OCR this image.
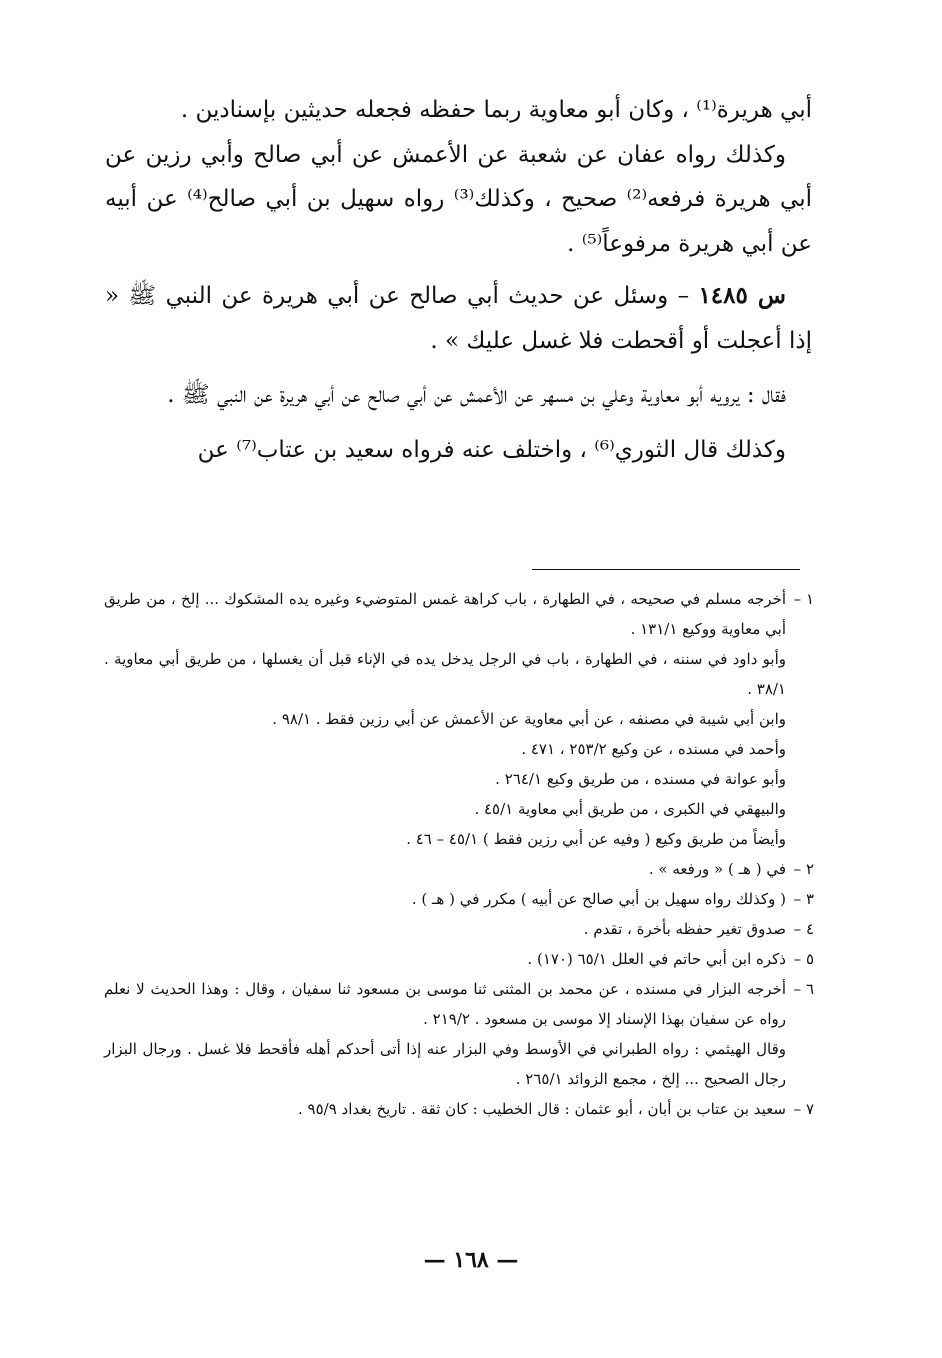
أبي هريرة⁽¹⁾ ، وكان أبو معاوية ربما حفظه فجعله حديثين بإسنادين .

وكذلك رواه عفان عن شعبة عن الأعمش عن أبي صالح وأبي رزين عن أبي هريرة فرفعه⁽²⁾ صحيح ، وكذلك⁽³⁾ رواه سهيل بن أبي صالح⁽⁴⁾ عن أبيه عن أبي هريرة مرفوعاً⁽⁵⁾ .

س ١٤٨٥ – وسئل عن حديث أبي صالح عن أبي هريرة عن النبي ﷺ « إذا أعجلت أو أقحطت فلا غسل عليك » .

فقال : يرويه أبو معاوية وعلي بن مسهر عن الأعمش عن أبي صالح عن أبي هريرة عن النبي ﷺ .

وكذلك قال الثوري⁽⁶⁾ ، واختلف عنه فرواه سعيد بن عتاب⁽⁷⁾ عن

١ –
أخرجه مسلم في صحيحه ، في الطهارة ، باب كراهة غمس المتوضيء وغيره يده المشكوك ... إلخ ، من طريق أبي معاوية ووكيع ١٣١/١ .

وأبو داود في سننه ، في الطهارة ، باب في الرجل يدخل يده في الإناء قبل أن يغسلها ، من طريق أبي معاوية . ٣٨/١ .

وابن أبي شيبة في مصنفه ، عن أبي معاوية عن الأعمش عن أبي رزين فقط . ٩٨/١ .

وأحمد في مسنده ، عن وكيع ٢٥٣/٢ ، ٤٧١ .

وأبو عوانة في مسنده ، من طريق وكيع ٢٦٤/١ .

والبيهقي في الكبرى ، من طريق أبي معاوية ٤٥/١ .

وأيضاً من طريق وكيع ( وفيه عن أبي رزين فقط ) ٤٥/١ – ٤٦ .

٢ –
في ( هـ ) « ورفعه » .

٣ –
( وكذلك رواه سهيل بن أبي صالح عن أبيه ) مكرر في ( هـ ) .

٤ –
صدوق تغير حفظه بأخرة ، تقدم .

٥ –
ذكره ابن أبي حاتم في العلل ٦٥/١ (١٧٠) .

٦ –
أخرجه البزار في مسنده ، عن محمد بن المثنى ثنا موسى بن مسعود ثنا سفيان ، وقال : وهذا الحديث لا نعلم رواه عن سفيان بهذا الإسناد إلا موسى بن مسعود . ٢١٩/٢ .

وقال الهيثمي : رواه الطبراني في الأوسط وفي البزار عنه إذا أتى أحدكم أهله فأقحط فلا غسل . ورجال البزار رجال الصحيح ... إلخ ، مجمع الزوائد ٢٦٥/١ .

٧ –
سعيد بن عتاب بن أبان ، أبو عثمان : قال الخطيب : كان ثقة . تاريخ بغداد ٩٥/٩ .

— ١٦٨ —
